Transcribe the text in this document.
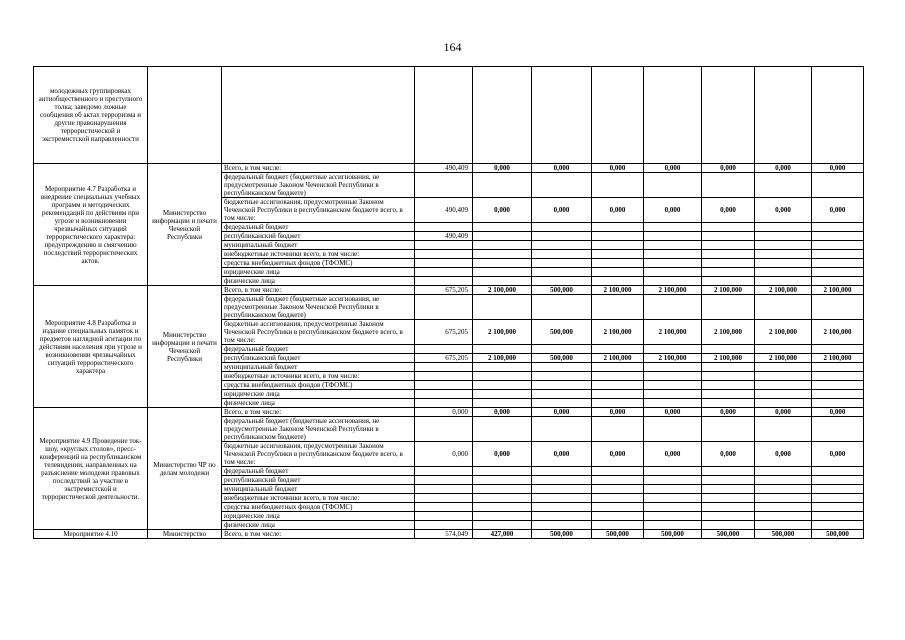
164
молодежных группировках антиобщественного и преступного толка; заведомо ложные сообщения об актах терроризма и другие правонарушения террористической и экстремистской направленности										
Мероприятие 4.7 Разработка и внедрение специальных учебных программ и методических рекомендаций по действиям при угрозе и возникновении чрезвычайных ситуаций террористического характера: предупреждению и смягчению последствий террористических актов.	Министерство информации и печати Чеченской Республики	Всего, в том числе:	490,409	0,000	0,000	0,000	0,000	0,000	0,000	0,000
		федеральный бюджет (бюджетные ассигнования, не предусмотренные Законом Чеченской Республики в республиканском бюджете)								
		бюджетные ассигнования, предусмотренные Законом Чеченской Республики в республиканском бюджете всего, в том числе:	490,409	0,000	0,000	0,000	0,000	0,000	0,000	0,000
		федеральный бюджет								
		республиканский бюджет	490,409							
		муниципальный бюджет								
		внебюджетные источники всего, в том числе:								
		средства внебюджетных фондов (ТФОМС)								
		юридические лица								
		физические лица								
Мероприятие 4.8 Разработка и издание специальных памяток и предметов наглядной агитации по действиям населения при угрозе и возникновении чрезвычайных ситуаций террористического характера	Министерство информации и печати Чеченской Республики	Всего, в том числе:	675,205	2 100,000	500,000	2 100,000	2 100,000	2 100,000	2 100,000	2 100,000
		федеральный бюджет (бюджетные ассигнования, не предусмотренные Законом Чеченской Республики в республиканском бюджете)								
		бюджетные ассигнования, предусмотренные Законом Чеченской Республики в республиканском бюджете всего, в том числе:	675,205	2 100,000	500,000	2 100,000	2 100,000	2 100,000	2 100,000	2 100,000
		федеральный бюджет								
		республиканский бюджет	675,205	2 100,000	500,000	2 100,000	2 100,000	2 100,000	2 100,000	2 100,000
		муниципальный бюджет								
		внебюджетные источники всего, в том числе:								
		средства внебюджетных фондов (ТФОМС)								
		юридические лица								
		физические лица								
Мероприятие 4.9 Проведение ток-шоу, «круглых столов», пресс-конференций на республиканском телевидении, направленных на разъяснение молодежи правовых последствий за участие в экстремистской и террористической деятельности.	Министерство ЧР по делам молодежи	Всего, в том числе:	0,000	0,000	0,000	0,000	0,000	0,000	0,000	0,000
		федеральный бюджет (бюджетные ассигнования, не предусмотренные Законом Чеченской Республики в республиканском бюджете)								
		бюджетные ассигнования, предусмотренные Законом Чеченской Республики в республиканском бюджете всего, в том числе:	0,000	0,000	0,000	0,000	0,000	0,000	0,000	0,000
		федеральный бюджет								
		республиканский бюджет								
		муниципальный бюджет								
		внебюджетные источники всего, в том числе:								
		средства внебюджетных фондов (ТФОМС)								
		юридические лица								
		физические лица								
Мероприятие 4.10	Министерство	Всего, в том числе:	574,049	427,000	500,000	500,000	500,000	500,000	500,000	500,000
